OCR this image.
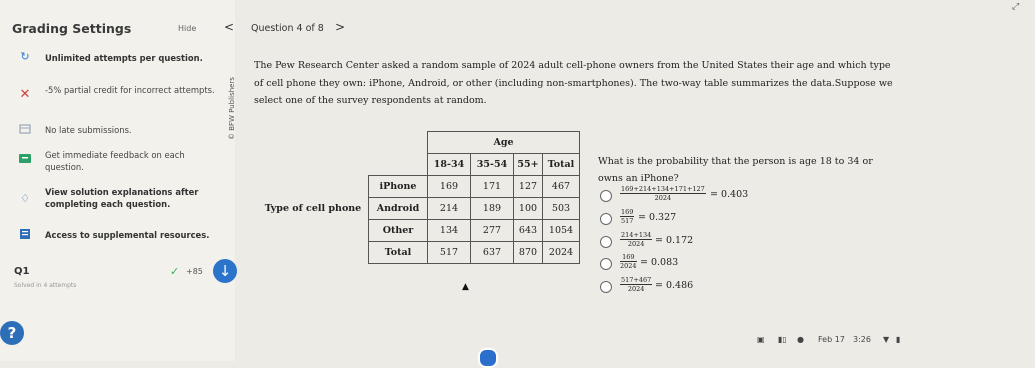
Grading Settings	Hide
↻ Unlimited attempts per question.
✕ -5% partial credit for incorrect attempts.
No late submissions.
Get immediate feedback on each question.
♢ View solution explanations after completing each question.
Access to supplemental resources.
Q1
Solved in 4 attempts
✓ +85	↓
?
< Question 4 of 8 >
⤢
© BFW Publishers
The Pew Research Center asked a random sample of 2024 adult cell-phone owners from the United States their age and which type of cell phone they own: iPhone, Android, or other (including non-smartphones). The two-way table summarizes the data.Suppose we select one of the survey respondents at random.
		Age			
		18-34	35-54	55+	Total
Type of cell phone	iPhone	169	171	127	467
	Android	214	189	100	503
	Other	134	277	643	1054
	Total	517	637	870	2024
What is the probability that the person is age 18 to 34 or owns an iPhone?
$\frac{169+214+134+171+127}{2024} = 0.403$
$\frac{169}{517} = 0.327$
$\frac{214+134}{2024} = 0.172$
$\frac{169}{2024} = 0.083$
$\frac{517+467}{2024} = 0.486$
▲
▣ ▮▯ ● Feb 17 3:26 ▼ ▮
